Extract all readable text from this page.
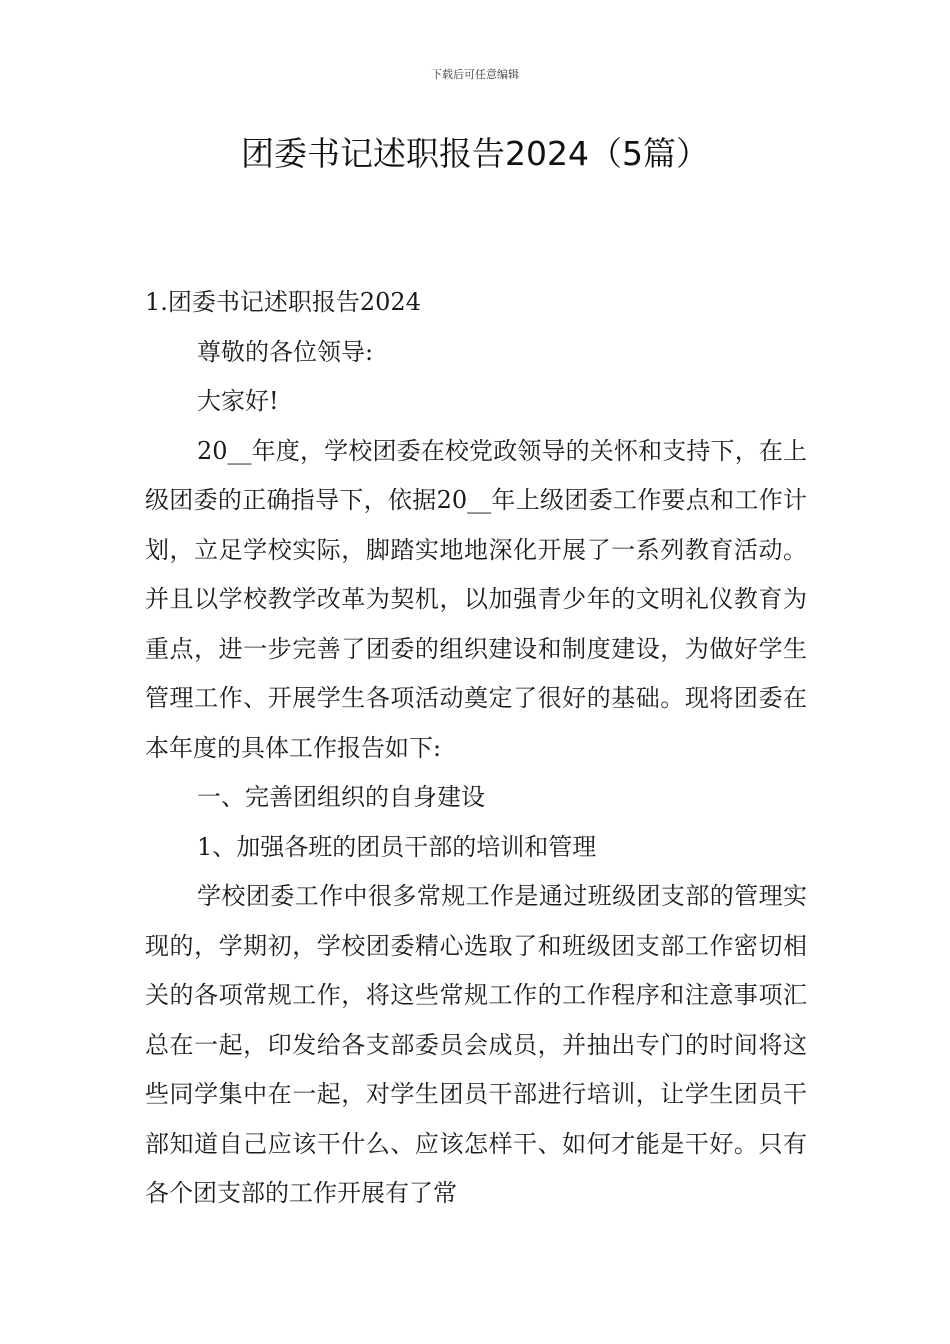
下载后可任意编辑
团委书记述职报告2024（5篇）

1.团委书记述职报告2024

尊敬的各位领导:

大家好!

20__年度，学校团委在校党政领导的关怀和支持下，在上级团委的正确指导下，依据20__年上级团委工作要点和工作计划，立足学校实际，脚踏实地地深化开展了一系列教育活动。并且以学校教学改革为契机，以加强青少年的文明礼仪教育为重点，进一步完善了团委的组织建设和制度建设，为做好学生管理工作、开展学生各项活动奠定了很好的基础。现将团委在本年度的具体工作报告如下:

一、完善团组织的自身建设

1、加强各班的团员干部的培训和管理

学校团委工作中很多常规工作是通过班级团支部的管理实现的，学期初，学校团委精心选取了和班级团支部工作密切相关的各项常规工作，将这些常规工作的工作程序和注意事项汇总在一起，印发给各支部委员会成员，并抽出专门的时间将这些同学集中在一起，对学生团员干部进行培训，让学生团员干部知道自己应该干什么、应该怎样干、如何才能是干好。只有各个团支部的工作开展有了常
